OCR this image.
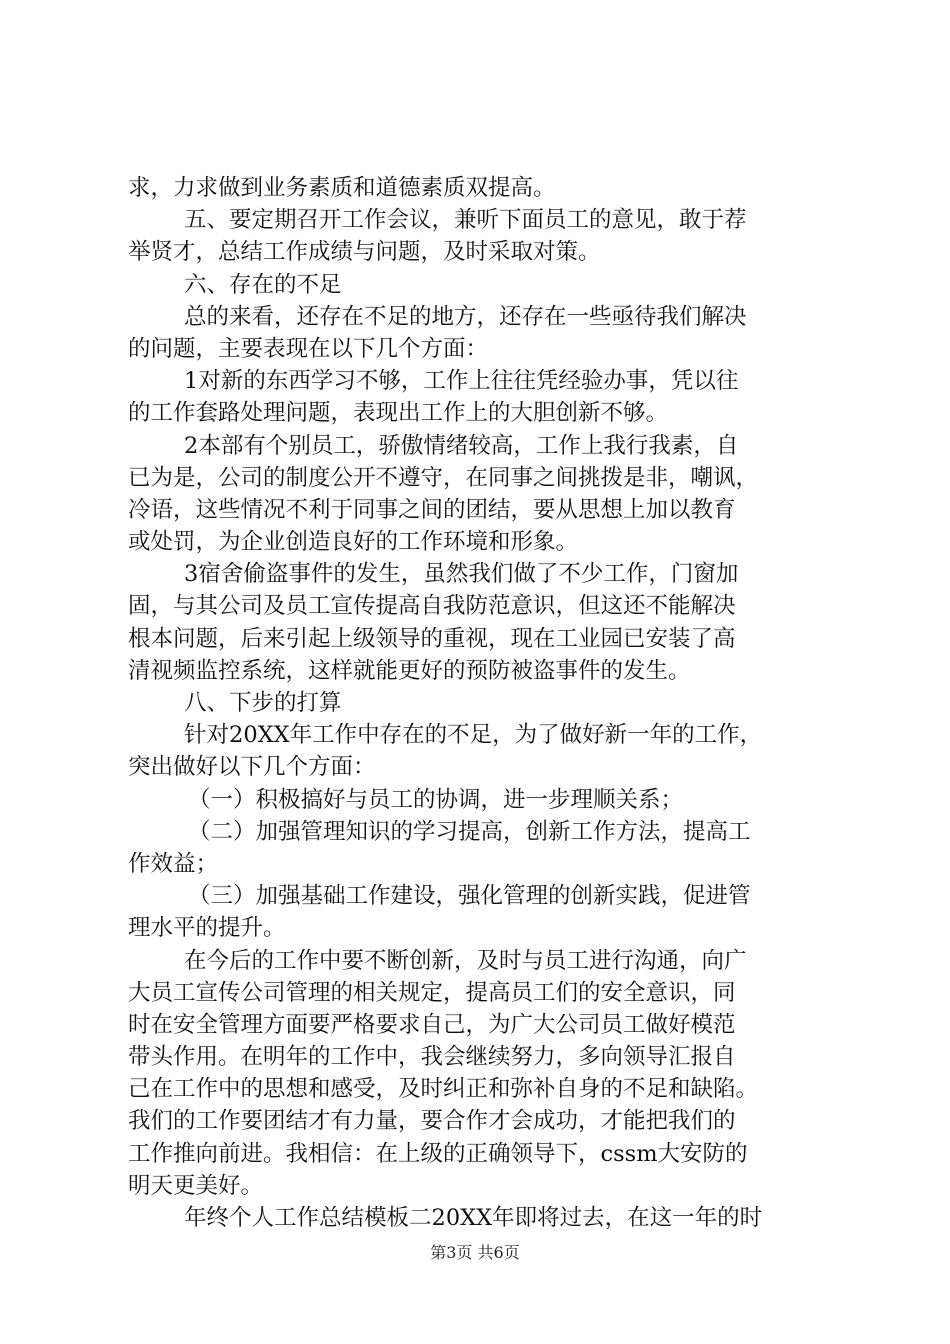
求，力求做到业务素质和道德素质双提高。
五、要定期召开工作会议，兼听下面员工的意见，敢于荐
举贤才，总结工作成绩与问题，及时采取对策。
六、存在的不足
总的来看，还存在不足的地方，还存在一些亟待我们解决
的问题，主要表现在以下几个方面：
1对新的东西学习不够，工作上往往凭经验办事，凭以往
的工作套路处理问题，表现出工作上的大胆创新不够。
2本部有个别员工，骄傲情绪较高，工作上我行我素，自
已为是，公司的制度公开不遵守，在同事之间挑拨是非，嘲讽，
冷语，这些情况不利于同事之间的团结，要从思想上加以教育
或处罚，为企业创造良好的工作环境和形象。
3宿舍偷盗事件的发生，虽然我们做了不少工作，门窗加
固，与其公司及员工宣传提高自我防范意识，但这还不能解决
根本问题，后来引起上级领导的重视，现在工业园已安装了高
清视频监控系统，这样就能更好的预防被盗事件的发生。
八、下步的打算
针对20XX年工作中存在的不足，为了做好新一年的工作，
突出做好以下几个方面：
（一）积极搞好与员工的协调，进一步理顺关系；
（二）加强管理知识的学习提高，创新工作方法，提高工
作效益；
（三）加强基础工作建设，强化管理的创新实践，促进管
理水平的提升。
在今后的工作中要不断创新，及时与员工进行沟通，向广
大员工宣传公司管理的相关规定，提高员工们的安全意识，同
时在安全管理方面要严格要求自己，为广大公司员工做好模范
带头作用。在明年的工作中，我会继续努力，多向领导汇报自
己在工作中的思想和感受，及时纠正和弥补自身的不足和缺陷。
我们的工作要团结才有力量，要合作才会成功，才能把我们的
工作推向前进。我相信：在上级的正确领导下，cssm大安防的
明天更美好。
年终个人工作总结模板二20XX年即将过去，在这一年的时
第3页 共6页
